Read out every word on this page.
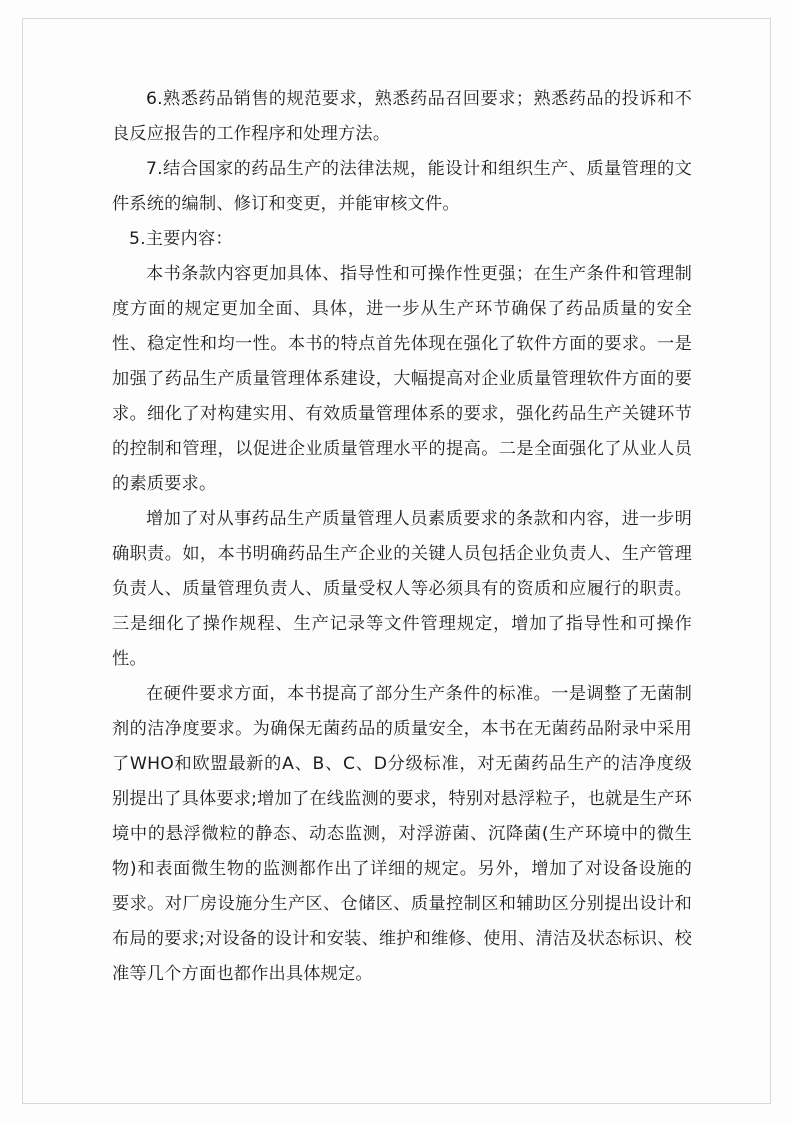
6.熟悉药品销售的规范要求，熟悉药品召回要求；熟悉药品的投诉和不良反应报告的工作程序和处理方法。

7.结合国家的药品生产的法律法规，能设计和组织生产、质量管理的文件系统的编制、修订和变更，并能审核文件。

5.主要内容：

本书条款内容更加具体、指导性和可操作性更强；在生产条件和管理制度方面的规定更加全面、具体，进一步从生产环节确保了药品质量的安全性、稳定性和均一性。本书的特点首先体现在强化了软件方面的要求。一是加强了药品生产质量管理体系建设，大幅提高对企业质量管理软件方面的要求。细化了对构建实用、有效质量管理体系的要求，强化药品生产关键环节的控制和管理，以促进企业质量管理水平的提高。二是全面强化了从业人员的素质要求。

增加了对从事药品生产质量管理人员素质要求的条款和内容，进一步明确职责。如，本书明确药品生产企业的关键人员包括企业负责人、生产管理负责人、质量管理负责人、质量受权人等必须具有的资质和应履行的职责。三是细化了操作规程、生产记录等文件管理规定，增加了指导性和可操作性。

在硬件要求方面，本书提高了部分生产条件的标准。一是调整了无菌制剂的洁净度要求。为确保无菌药品的质量安全，本书在无菌药品附录中采用了WHO和欧盟最新的A、B、C、D分级标准，对无菌药品生产的洁净度级别提出了具体要求;增加了在线监测的要求，特别对悬浮粒子，也就是生产环境中的悬浮微粒的静态、动态监测，对浮游菌、沉降菌(生产环境中的微生物)和表面微生物的监测都作出了详细的规定。另外，增加了对设备设施的要求。对厂房设施分生产区、仓储区、质量控制区和辅助区分别提出设计和布局的要求;对设备的设计和安装、维护和维修、使用、清洁及状态标识、校准等几个方面也都作出具体规定。
